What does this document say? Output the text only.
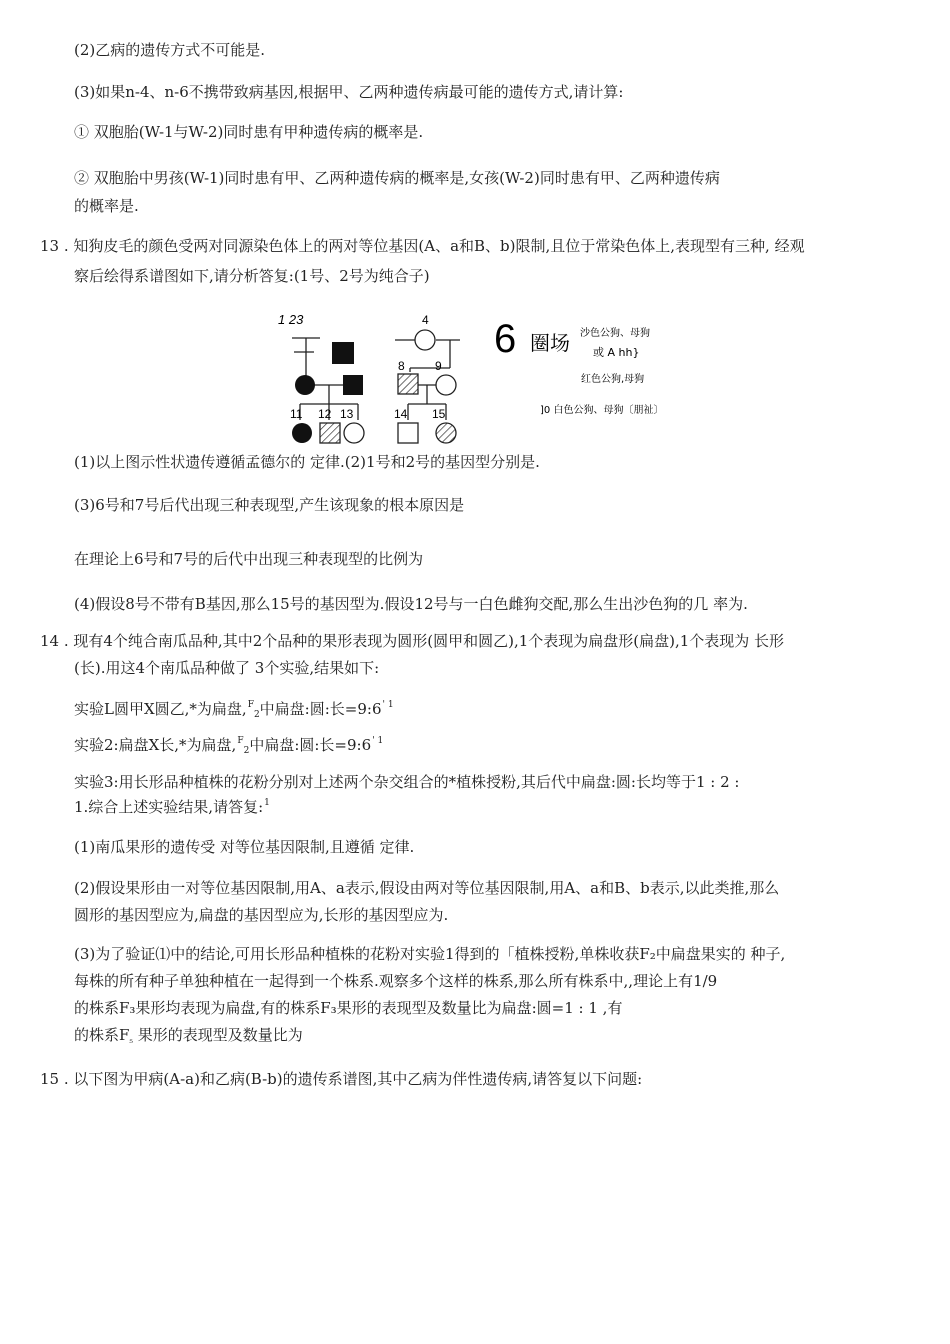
(2)乙病的遗传方式不可能是.
(3)如果n-4、n-6不携带致病基因,根据甲、乙两种遗传病最可能的遗传方式,请计算:
① 双胞胎(W-1与W-2)同时患有甲种遗传病的概率是.
② 双胞胎中男孩(W-1)同时患有甲、乙两种遗传病的概率是,女孩(W-2)同时患有甲、乙两种遗传病
的概率是.
13 . 知狗皮毛的颜色受两对同源染色体上的两对等位基因(A、a和B、b)限制,且位于常染色体上,表现型有三种, 经观
察后绘得系谱图如下,请分析答复:(1号、2号为纯合子)
1 23	4
8	9
11 12 13	14 15
6 圈场 沙色公狗、母狗
或 A hh}
红色公狗,母狗
]0 白色公狗、母狗〔朋祉〕
(1)以上图示性状遗传遵循孟德尔的 定律.(2)1号和2号的基因型分别是.
(3)6号和7号后代出现三种表现型,产生该现象的根本原因是
在理论上6号和7号的后代中出现三种表现型的比例为
(4)假设8号不带有B基因,那么15号的基因型为.假设12号与一白色雌狗交配,那么生出沙色狗的几 率为.
14 . 现有4个纯合南瓜品种,其中2个品种的果形表现为圆形(圆甲和圆乙),1个表现为扁盘形(扁盘),1个表现为 长形
(长).用这4个南瓜品种做了 3个实验,结果如下:
实验L圆甲X圆乙,*为扁盘,$^F_2$中扁盘:圆:长$=9:6^{' 1}$
实验2:扁盘X长,*为扁盘,$^F_2$中扁盘:圆:长$=9:6^{' 1}$
实验3:用长形品种植株的花粉分别对上述两个杂交组合的*植株授粉,其后代中扁盘:圆:长均等于1 : 2 :
1.综合上述实验结果,请答复:$^1$
(1)南瓜果形的遗传受 对等位基因限制,且遵循 定律.
(2)假设果形由一对等位基因限制,用A、a表示,假设由两对等位基因限制,用A、a和B、b表示,以此类推,那么
圆形的基因型应为,扁盘的基因型应为,长形的基因型应为.
(3)为了验证⑴中的结论,可用长形品种植株的花粉对实验1得到的「植株授粉,单株收获F₂中扁盘果实的 种子,
每株的所有种子单独种植在一起得到一个株系.观察多个这样的株系,那么所有株系中,,理论上有1/9
的株系F₃果形均表现为扁盘,有的株系F₃果形的表现型及数量比为扁盘:圆=1 : 1 ,有
的株系$F_{_5}$ 果形的表现型及数量比为
15 . 以下图为甲病(A-a)和乙病(B-b)的遗传系谱图,其中乙病为伴性遗传病,请答复以下问题:
